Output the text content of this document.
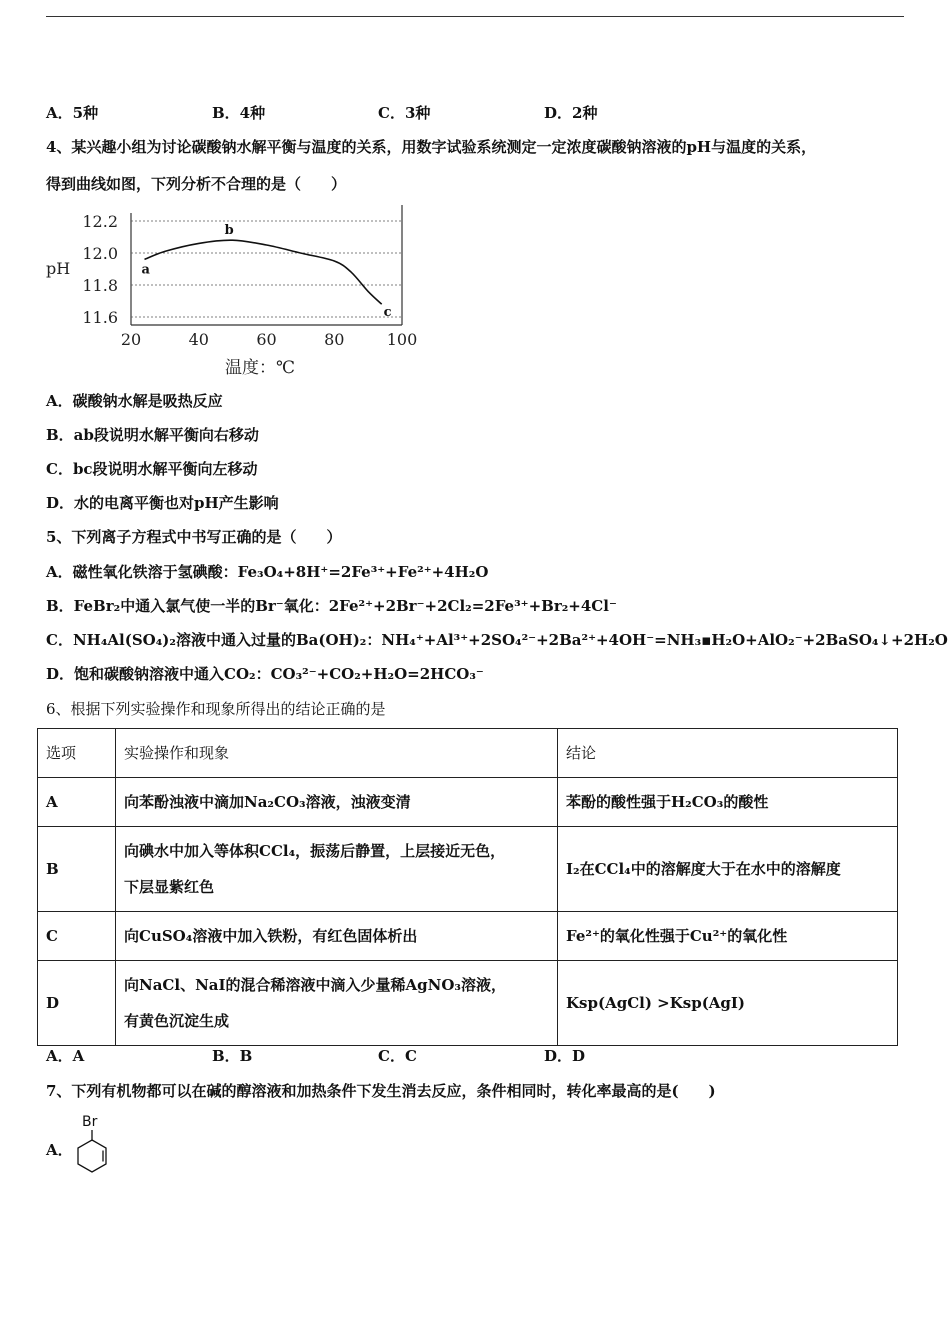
A．5种	B．4种	C．3种	D．2种
4、某兴趣小组为讨论碳酸钠水解平衡与温度的关系，用数字试验系统测定一定浓度碳酸钠溶液的pH与温度的关系，
得到曲线如图，下列分析不合理的是（　　）
12.2
12.0
11.8
11.6
20	40	60	80	100
a
b
c
pH
温度：℃
A．碳酸钠水解是吸热反应
B．ab段说明水解平衡向右移动
C．bc段说明水解平衡向左移动
D．水的电离平衡也对pH产生影响
5、下列离子方程式中书写正确的是（　　）
A．磁性氧化铁溶于氢碘酸：Fe₃O₄+8H⁺=2Fe³⁺+Fe²⁺+4H₂O
B．FeBr₂中通入氯气使一半的Br⁻氧化：2Fe²⁺+2Br⁻+2Cl₂=2Fe³⁺+Br₂+4Cl⁻
C．NH₄Al(SO₄)₂溶液中通入过量的Ba(OH)₂：NH₄⁺+Al³⁺+2SO₄²⁻+2Ba²⁺+4OH⁻=NH₃▪H₂O+AlO₂⁻+2BaSO₄↓+2H₂O
D．饱和碳酸钠溶液中通入CO₂：CO₃²⁻+CO₂+H₂O=2HCO₃⁻
6、根据下列实验操作和现象所得出的结论正确的是
选项	实验操作和现象	结论
A	向苯酚浊液中滴加Na₂CO₃溶液，浊液变清	苯酚的酸性强于H₂CO₃的酸性
B	向碘水中加入等体积CCl₄，振荡后静置，上层接近无色，
下层显紫红色	I₂在CCl₄中的溶解度大于在水中的溶解度
C	向CuSO₄溶液中加入铁粉，有红色固体析出	Fe²⁺的氧化性强于Cu²⁺的氧化性
D	向NaCl、NaI的混合稀溶液中滴入少量稀AgNO₃溶液，
有黄色沉淀生成	Ksp(AgCl) >Ksp(AgI)
A．A	B．B	C．C	D．D
7、下列有机物都可以在碱的醇溶液和加热条件下发生消去反应，条件相同时，转化率最高的是(　　)
A．
Br
